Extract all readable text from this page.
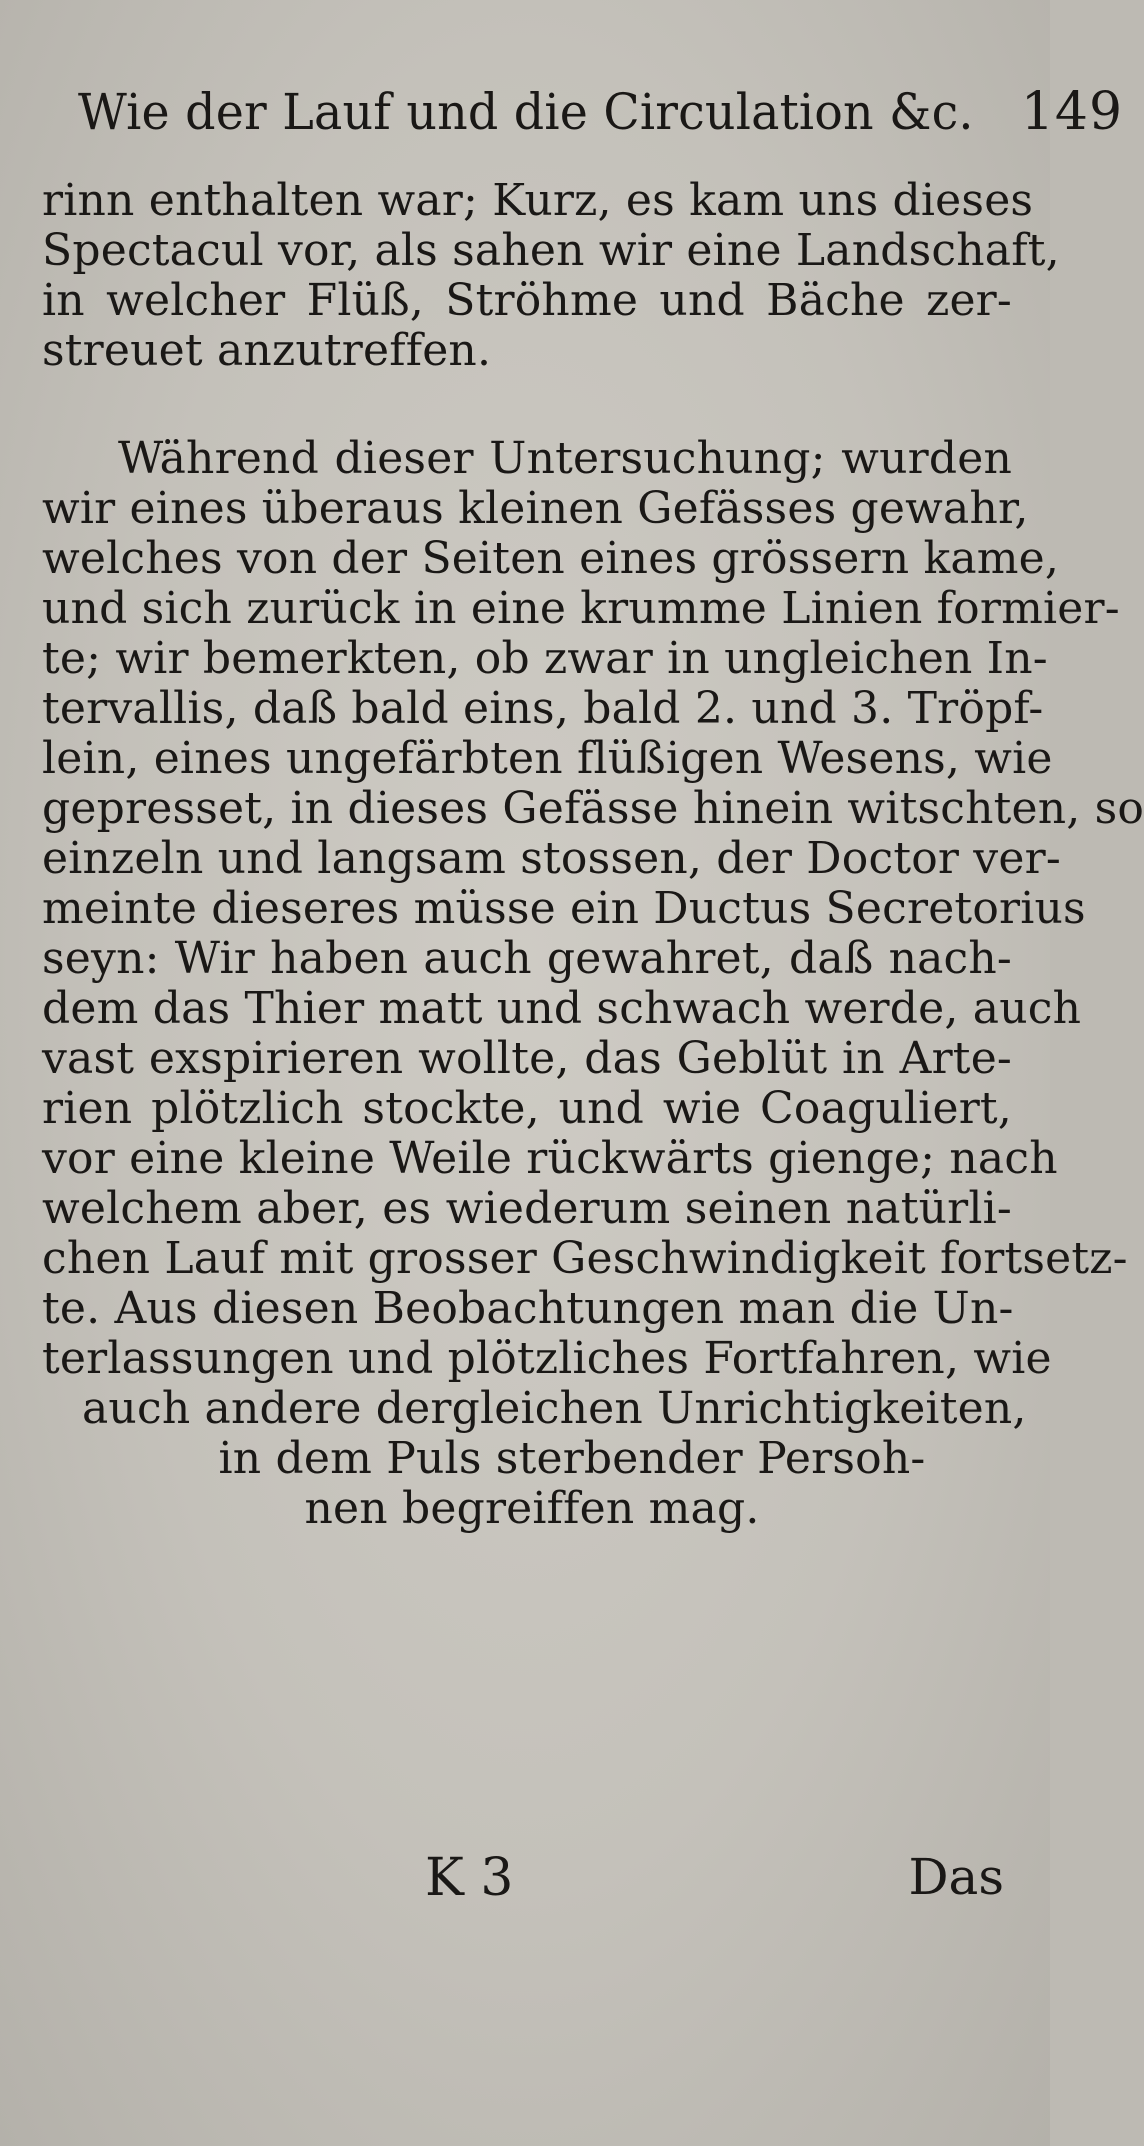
Wie der Lauf und die Circulation &c. 149
rinn enthalten war; Kurz, es kam uns dieses
Spectacul vor, als sahen wir eine Landschaft,
in welcher Flüß, Ströhme und Bäche zer-
streuet anzutreffen.
Während dieser Untersuchung; wurden
wir eines überaus kleinen Gefässes gewahr,
welches von der Seiten eines grössern kame,
und sich zurück in eine krumme Linien formier-
te; wir bemerkten, ob zwar in ungleichen In-
tervallis, daß bald eins, bald 2. und 3. Tröpf-
lein, eines ungefärbten flüßigen Wesens, wie
gepresset, in dieses Gefässe hinein witschten, so
einzeln und langsam stossen, der Doctor ver-
meinte dieseres müsse ein Ductus Secretorius
seyn: Wir haben auch gewahret, daß nach-
dem das Thier matt und schwach werde, auch
vast exspirieren wollte, das Geblüt in Arte-
rien plötzlich stockte, und wie Coaguliert,
vor eine kleine Weile rückwärts gienge; nach
welchem aber, es wiederum seinen natürli-
chen Lauf mit grosser Geschwindigkeit fortsetz-
te. Aus diesen Beobachtungen man die Un-
terlassungen und plötzliches Fortfahren, wie
auch andere dergleichen Unrichtigkeiten,
in dem Puls sterbender Persoh-
nen begreiffen mag.
K 3	Das
